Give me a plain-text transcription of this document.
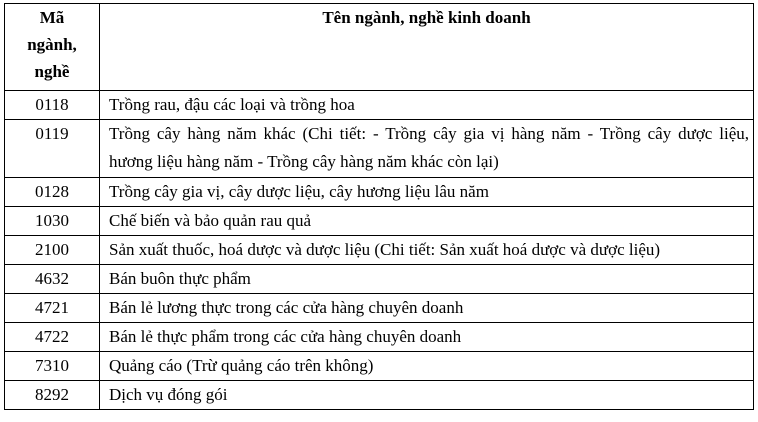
Mã
ngành,
nghề	Tên ngành, nghề kinh doanh
0118	Trồng rau, đậu các loại và trồng hoa
0119	Trồng cây hàng năm khác (Chi tiết: - Trồng cây gia vị hàng năm - Trồng cây dược liệu, hương liệu hàng năm - Trồng cây hàng năm khác còn lại)
0128	Trồng cây gia vị, cây dược liệu, cây hương liệu lâu năm
1030	Chế biến và bảo quản rau quả
2100	Sản xuất thuốc, hoá dược và dược liệu (Chi tiết: Sản xuất hoá dược và dược liệu)
4632	Bán buôn thực phẩm
4721	Bán lẻ lương thực trong các cửa hàng chuyên doanh
4722	Bán lẻ thực phẩm trong các cửa hàng chuyên doanh
7310	Quảng cáo (Trừ quảng cáo trên không)
8292	Dịch vụ đóng gói
